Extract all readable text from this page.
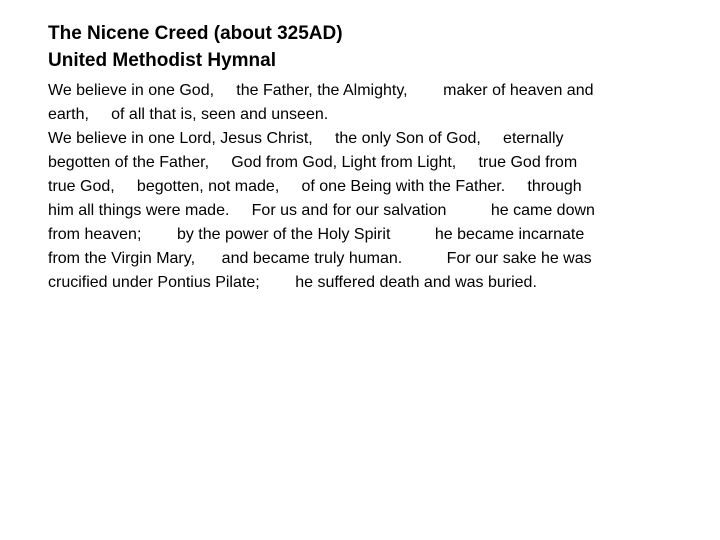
The Nicene Creed (about 325AD)
United Methodist Hymnal
We believe in one God,     the Father, the Almighty,        maker of heaven and
earth,     of all that is, seen and unseen.
We believe in one Lord, Jesus Christ,     the only Son of God,     eternally
begotten of the Father,     God from God, Light from Light,     true God from
true God,     begotten, not made,     of one Being with the Father.     through
him all things were made.     For us and for our salvation          he came down
from heaven;        by the power of the Holy Spirit          he became incarnate
from the Virgin Mary,      and became truly human.          For our sake he was
crucified under Pontius Pilate;        he suffered death and was buried.
